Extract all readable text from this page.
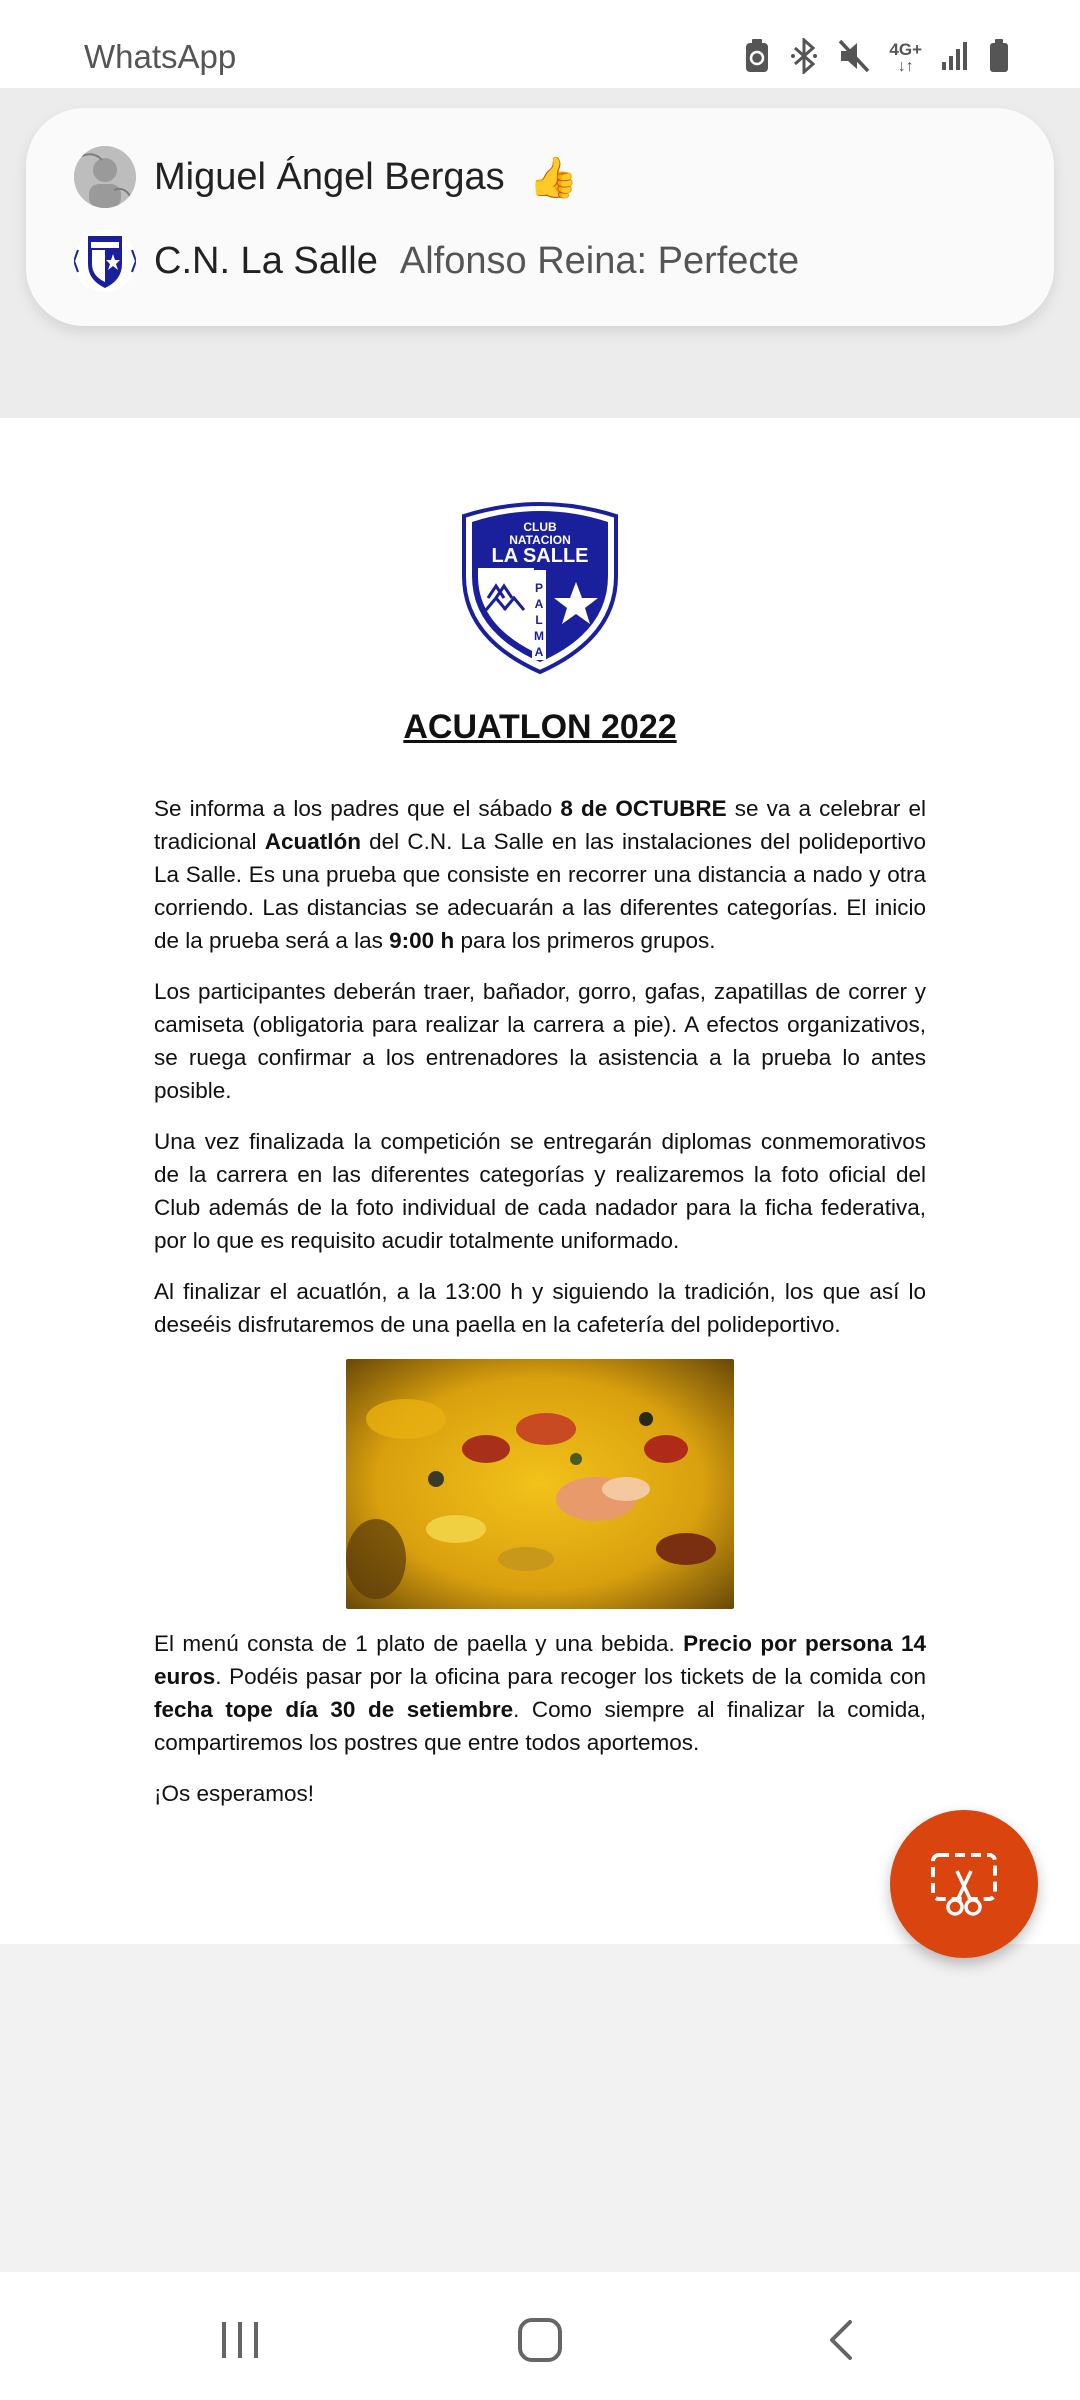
WhatsApp	4G+
↓↑
Miguel Ángel Bergas 👍
C.N. La Salle Alfonso Reina: Perfecte
CLUB
NATACION
LA SALLE
P
A
L
M
A
ACUATLON 2022

Se informa a los padres que el sábado 8 de OCTUBRE se va a celebrar el tradicional Acuatlón del C.N. La Salle en las instalaciones del polideportivo La Salle. Es una prueba que consiste en recorrer una distancia a nado y otra corriendo. Las distancias se adecuarán a las diferentes categorías. El inicio de la prueba será a las 9:00 h para los primeros grupos.

Los participantes deberán traer, bañador, gorro, gafas, zapatillas de correr y camiseta (obligatoria para realizar la carrera a pie). A efectos organizativos, se ruega confirmar a los entrenadores la asistencia a la prueba lo antes posible.

Una vez finalizada la competición se entregarán diplomas conmemorativos de la carrera en las diferentes categorías y realizaremos la foto oficial del Club además de la foto individual de cada nadador para la ficha federativa, por lo que es requisito acudir totalmente uniformado.

Al finalizar el acuatlón, a la 13:00 h y siguiendo la tradición, los que así lo deseéis disfrutaremos de una paella en la cafetería del polideportivo.

El menú consta de 1 plato de paella y una bebida. Precio por persona 14 euros. Podéis pasar por la oficina para recoger los tickets de la comida con fecha tope día 30 de setiembre. Como siempre al finalizar la comida, compartiremos los postres que entre todos aportemos.

¡Os esperamos!
